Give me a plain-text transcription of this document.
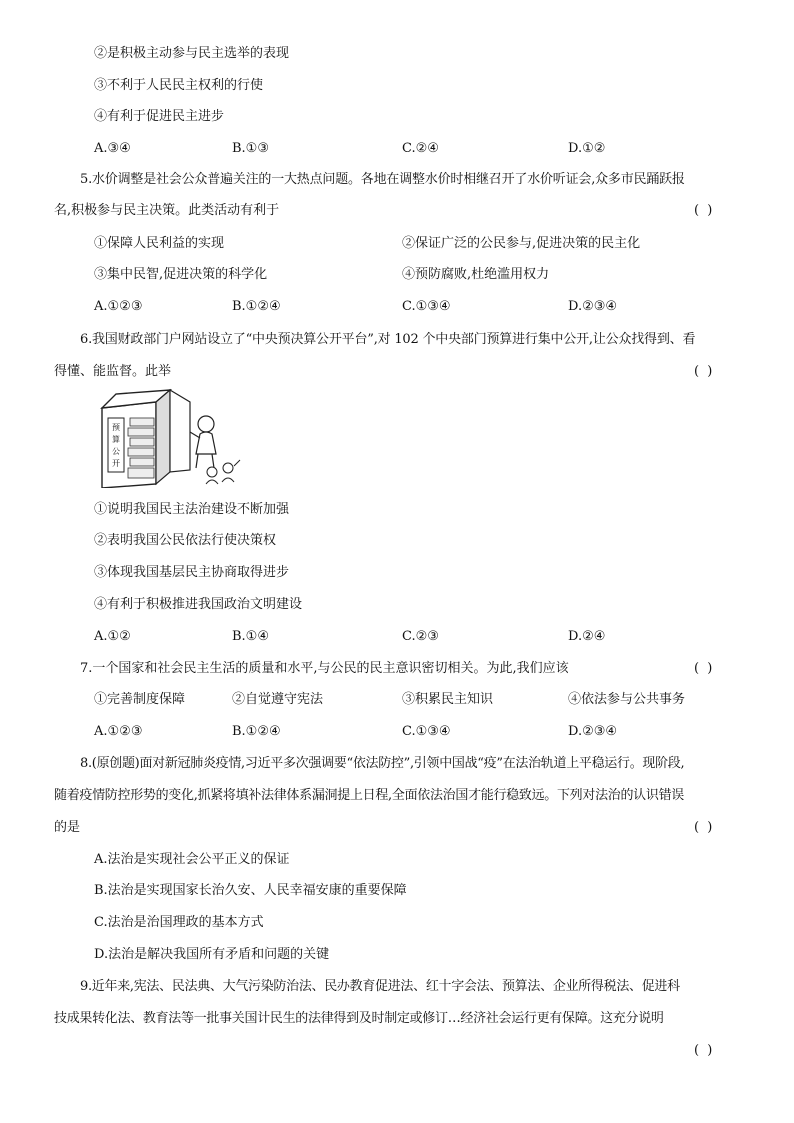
②是积极主动参与民主选举的表现
③不利于人民民主权利的行使
④有利于促进民主进步
A.③④	B.①③	C.②④	D.①②
5.水价调整是社会公众普遍关注的一大热点问题。各地在调整水价时相继召开了水价听证会,众多市民踊跃报
名,积极参与民主决策。此类活动有利于	( )
①保障人民利益的实现	②保证广泛的公民参与,促进决策的民主化
③集中民智,促进决策的科学化	④预防腐败,杜绝滥用权力
A.①②③	B.①②④	C.①③④	D.②③④
6.我国财政部门户网站设立了“中央预决算公开平台”,对 102 个中央部门预算进行集中公开,让公众找得到、看
得懂、能监督。此举	( )
预
算
公
开
①说明我国民主法治建设不断加强
②表明我国公民依法行使决策权
③体现我国基层民主协商取得进步
④有利于积极推进我国政治文明建设
A.①②	B.①④	C.②③	D.②④
7.一个国家和社会民主生活的质量和水平,与公民的民主意识密切相关。为此,我们应该	( )
①完善制度保障	②自觉遵守宪法	③积累民主知识	④依法参与公共事务
A.①②③	B.①②④	C.①③④	D.②③④
8.(原创题)面对新冠肺炎疫情,习近平多次强调要“依法防控”,引领中国战“疫”在法治轨道上平稳运行。现阶段,
随着疫情防控形势的变化,抓紧将填补法律体系漏洞提上日程,全面依法治国才能行稳致远。下列对法治的认识错误
的是	( )
A.法治是实现社会公平正义的保证
B.法治是实现国家长治久安、人民幸福安康的重要保障
C.法治是治国理政的基本方式
D.法治是解决我国所有矛盾和问题的关键
9.近年来,宪法、民法典、大气污染防治法、民办教育促进法、红十字会法、预算法、企业所得税法、促进科
技成果转化法、教育法等一批事关国计民生的法律得到及时制定或修订…经济社会运行更有保障。这充分说明
( )
